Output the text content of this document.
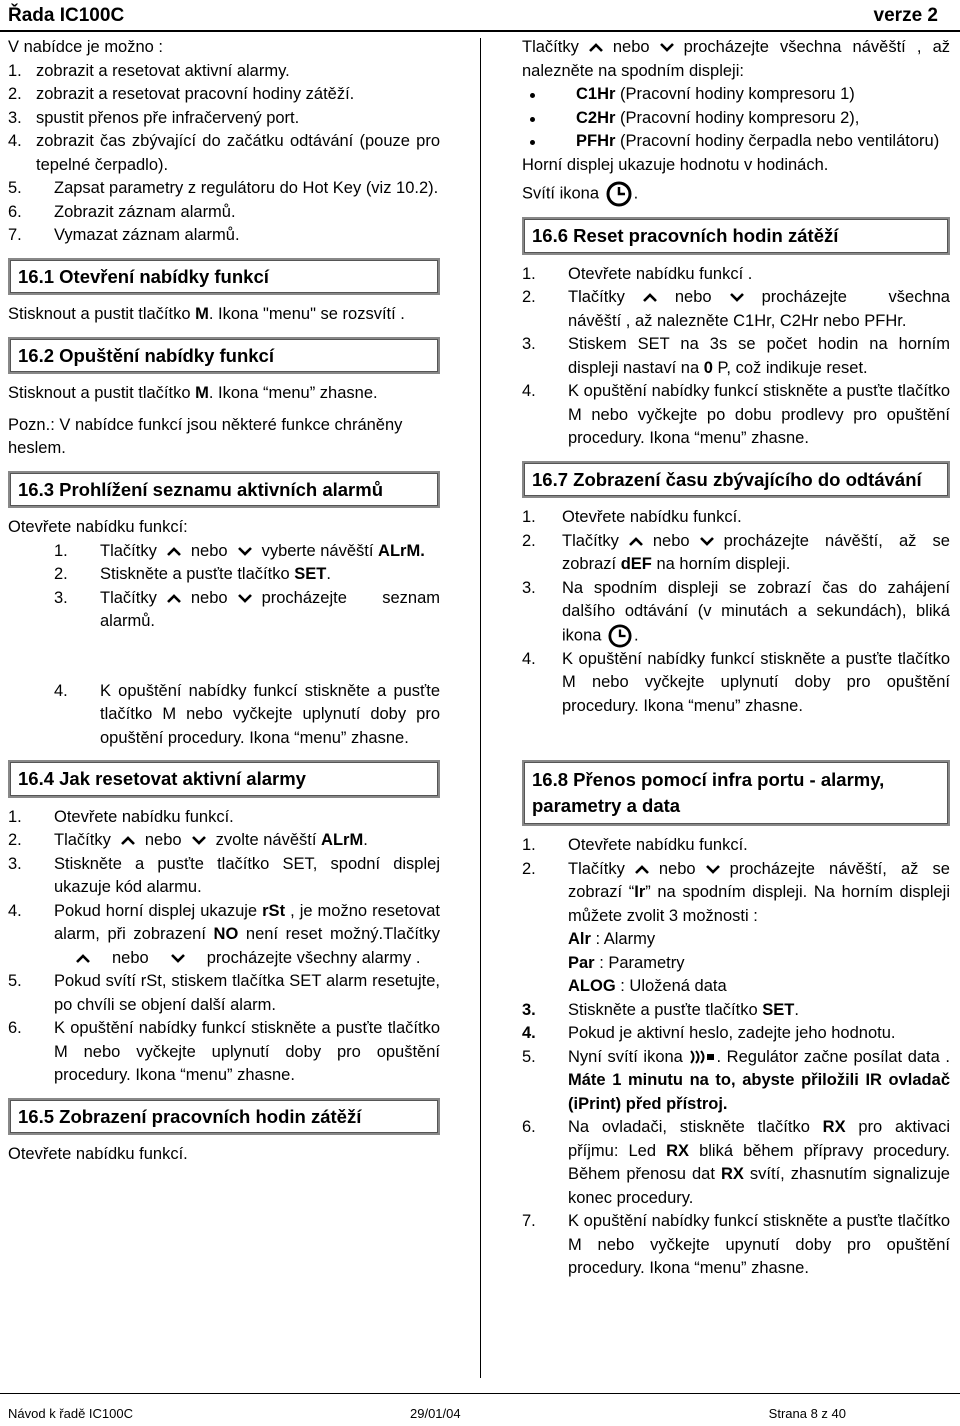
Řada IC100C	verze 2

V nabídce je možno :

1. zobrazit a resetovat aktivní alarmy.
2. zobrazit a resetovat pracovní hodiny zátěží.
3. spustit přenos pře infračervený port.
4. zobrazit čas zbývající do začátku odtávání (pouze pro tepelné čerpadlo).
5. Zapsat parametry z regulátoru do Hot Key (viz 10.2).
6. Zobrazit záznam alarmů.
7. Vymazat záznam alarmů.
16.1 Otevření nabídky funkcí

Stisknout a pustit tlačítko M. Ikona "menu" se rozsvítí .

16.2 Opuštění nabídky funkcí

Stisknout a pustit tlačítko M. Ikona “menu” zhasne.

Pozn.: V nabídce funkcí jsou některé funkce chráněny heslem.

16.3 Prohlížení seznamu aktivních alarmů

Otevřete nabídku funkcí:

1. Tlačítky nebo vyberte návěští ALrM.
2. Stiskněte a pusťte tlačítko SET.
3. Tlačítky nebo procházejte seznam alarmů.
4. K opuštění nabídky funkcí stiskněte a pusťte tlačítko M nebo vyčkejte uplynutí doby pro opuštění procedury. Ikona “menu” zhasne.
16.4 Jak resetovat aktivní alarmy
1. Otevřete nabídku funkcí.
2. Tlačítky nebo zvolte návěští ALrM.
3. Stiskněte a pusťte tlačítko SET, spodní displej ukazuje kód alarmu.
4. Pokud horní displej ukazuje rSt , je možno resetovat alarm, při zobrazení NO není reset možný.Tlačítkynebo	procházejte všechny alarmy .
5. Pokud svítí rSt, stiskem tlačítka SET alarm resetujte, po chvíli se objení další alarm.
6. K opuštění nabídky funkcí stiskněte a pusťte tlačítko M nebo vyčkejte uplynutí doby pro opuštění procedury. Ikona “menu” zhasne.
16.5 Zobrazení pracovních hodin zátěží

Otevřete nabídku funkcí.

Tlačítky nebo procházejte všechna návěští , až nalezněte na spodním displeji:

C1Hr (Pracovní hodiny kompresoru 1)
C2Hr (Pracovní hodiny kompresoru 2),
PFHr (Pracovní hodiny čerpadla nebo ventilátoru)

Horní displej ukazuje hodnotu v hodinách.

Svítí ikona .

16.6 Reset pracovních hodin zátěží
1. Otevřete nabídku funkcí .
2. Tlačítky	nebo	procházejte všechna návěští , až nalezněte C1Hr, C2Hr nebo PFHr.
3. Stiskem SET na 3s se počet hodin na horním displeji nastaví na 0 P, což indikuje reset.
4. K opuštění nabídky funkcí stiskněte a pusťte tlačítko M nebo vyčkejte po dobu prodlevy pro opuštění procedury. Ikona “menu” zhasne.
16.7 Zobrazení času zbývajícího do odtávání
1. Otevřete nabídku funkcí.
2. Tlačítky nebo procházejte návěští, až se zobrazí dEF na horním displeji.
3. Na spodním displeji se zobrazí čas do zahájení dalšího odtávání (v minutách a sekundách), bliká ikona .
4. K opuštění nabídky funkcí stiskněte a pusťte tlačítko M nebo vyčkejte uplynutí doby pro opuštění procedury. Ikona “menu” zhasne.
16.8 Přenos pomocí infra portu - alarmy, parametry a data
1. Otevřete nabídku funkcí.
2. Tlačítky nebo procházejte návěští, až se zobrazí “Ir” na spodním displeji. Na horním displeji můžete zvolit 3 možnosti :
Alr : Alarmy
Par : Parametry
ALOG : Uložená data
3. Stiskněte a pusťte tlačítko SET.
4. Pokud je aktivní heslo, zadejte jeho hodnotu.
5. Nyní svítí ikona . Regulátor začne posílat data . Máte 1 minutu na to, abyste přiložili IR ovladač (iPrint) před přístroj.
6. Na ovladači, stiskněte tlačítko RX pro aktivaci příjmu: Led RX bliká během přípravy procedury. Během přenosu dat RX svítí, zhasnutím signalizuje konec procedury.
7. K opuštění nabídky funkcí stiskněte a pusťte tlačítko M nebo vyčkejte upynutí doby pro opuštění procedury. Ikona “menu” zhasne.
Návod k řadě IC100C	29/01/04	Strana 8 z 40
